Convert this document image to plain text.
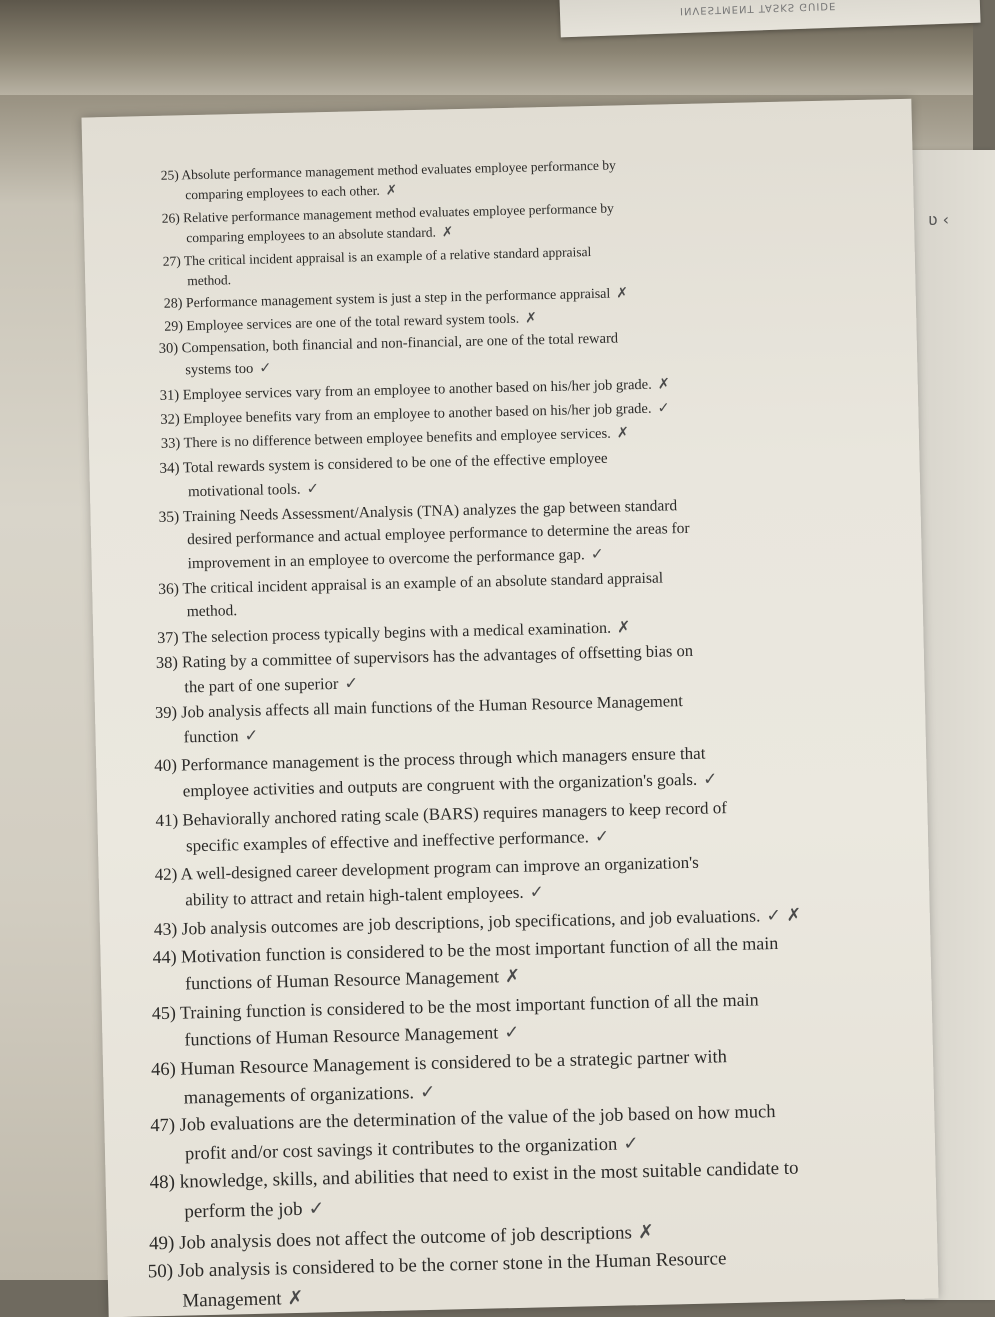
INVESTMENT TASKS GUIDE
ʋ ‹
25) Absolute performance management method evaluates employee performance by
comparing employees to each other. ✗
26) Relative performance management method evaluates employee performance by
comparing employees to an absolute standard. ✗
27) The critical incident appraisal is an example of a relative standard appraisal
method.
28) Performance management system is just a step in the performance appraisal ✗
29) Employee services are one of the total reward system tools. ✗
30) Compensation, both financial and non-financial, are one of the total reward
systems too ✓
31) Employee services vary from an employee to another based on his/her job grade. ✗
32) Employee benefits vary from an employee to another based on his/her job grade. ✓
33) There is no difference between employee benefits and employee services. ✗
34) Total rewards system is considered to be one of the effective employee
motivational tools. ✓
35) Training Needs Assessment/Analysis (TNA) analyzes the gap between standard
desired performance and actual employee performance to determine the areas for
improvement in an employee to overcome the performance gap. ✓
36) The critical incident appraisal is an example of an absolute standard appraisal
method.
37) The selection process typically begins with a medical examination. ✗
38) Rating by a committee of supervisors has the advantages of offsetting bias on
the part of one superior ✓
39) Job analysis affects all main functions of the Human Resource Management
function ✓
40) Performance management is the process through which managers ensure that
employee activities and outputs are congruent with the organization's goals. ✓
41) Behaviorally anchored rating scale (BARS) requires managers to keep record of
specific examples of effective and ineffective performance. ✓
42) A well-designed career development program can improve an organization's
ability to attract and retain high-talent employees. ✓
43) Job analysis outcomes are job descriptions, job specifications, and job evaluations. ✓ ✗
44) Motivation function is considered to be the most important function of all the main
functions of Human Resource Management ✗
45) Training function is considered to be the most important function of all the main
functions of Human Resource Management ✓
46) Human Resource Management is considered to be a strategic partner with
managements of organizations. ✓
47) Job evaluations are the determination of the value of the job based on how much
profit and/or cost savings it contributes to the organization ✓
48) knowledge, skills, and abilities that need to exist in the most suitable candidate to
perform the job ✓
49) Job analysis does not affect the outcome of job descriptions ✗
50) Job analysis is considered to be the corner stone in the Human Resource
Management ✗
